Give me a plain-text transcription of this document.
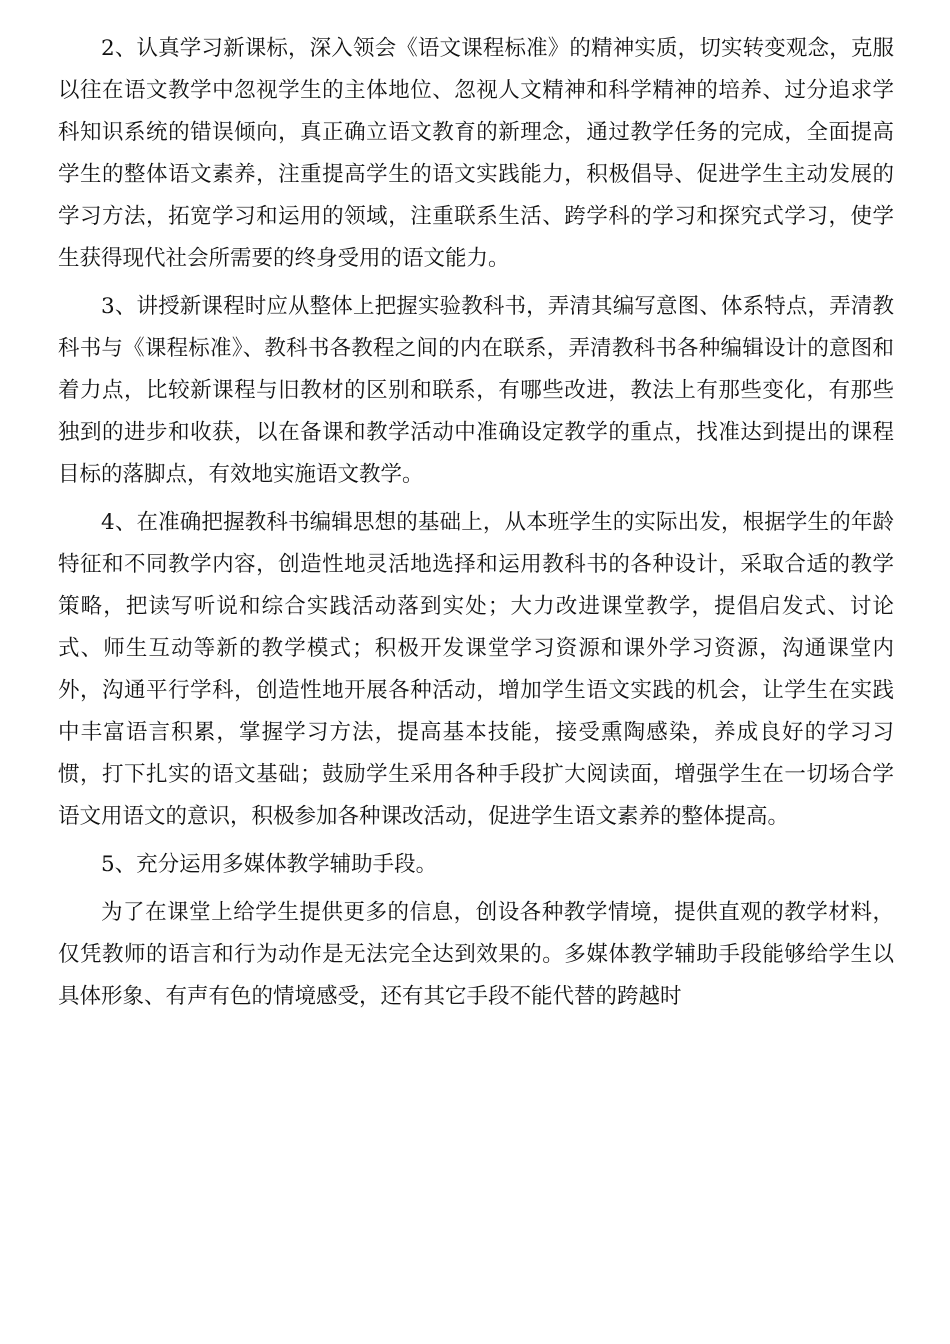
2、认真学习新课标，深入领会《语文课程标准》的精神实质，切实转变观念，克服以往在语文教学中忽视学生的主体地位、忽视人文精神和科学精神的培养、过分追求学科知识系统的错误倾向，真正确立语文教育的新理念，通过教学任务的完成，全面提高学生的整体语文素养，注重提高学生的语文实践能力，积极倡导、促进学生主动发展的学习方法，拓宽学习和运用的领域，注重联系生活、跨学科的学习和探究式学习，使学生获得现代社会所需要的终身受用的语文能力。

3、讲授新课程时应从整体上把握实验教科书，弄清其编写意图、体系特点，弄清教科书与《课程标准》、教科书各教程之间的内在联系，弄清教科书各种编辑设计的意图和着力点，比较新课程与旧教材的区别和联系，有哪些改进，教法上有那些变化，有那些独到的进步和收获，以在备课和教学活动中准确设定教学的重点，找准达到提出的课程目标的落脚点，有效地实施语文教学。

4、在准确把握教科书编辑思想的基础上，从本班学生的实际出发，根据学生的年龄特征和不同教学内容，创造性地灵活地选择和运用教科书的各种设计，采取合适的教学策略，把读写听说和综合实践活动落到实处；大力改进课堂教学，提倡启发式、讨论式、师生互动等新的教学模式；积极开发课堂学习资源和课外学习资源，沟通课堂内外，沟通平行学科，创造性地开展各种活动，增加学生语文实践的机会，让学生在实践中丰富语言积累，掌握学习方法，提高基本技能，接受熏陶感染，养成良好的学习习惯，打下扎实的语文基础；鼓励学生采用各种手段扩大阅读面，增强学生在一切场合学语文用语文的意识，积极参加各种课改活动，促进学生语文素养的整体提高。

5、充分运用多媒体教学辅助手段。

为了在课堂上给学生提供更多的信息，创设各种教学情境，提供直观的教学材料，仅凭教师的语言和行为动作是无法完全达到效果的。多媒体教学辅助手段能够给学生以具体形象、有声有色的情境感受，还有其它手段不能代替的跨越时
